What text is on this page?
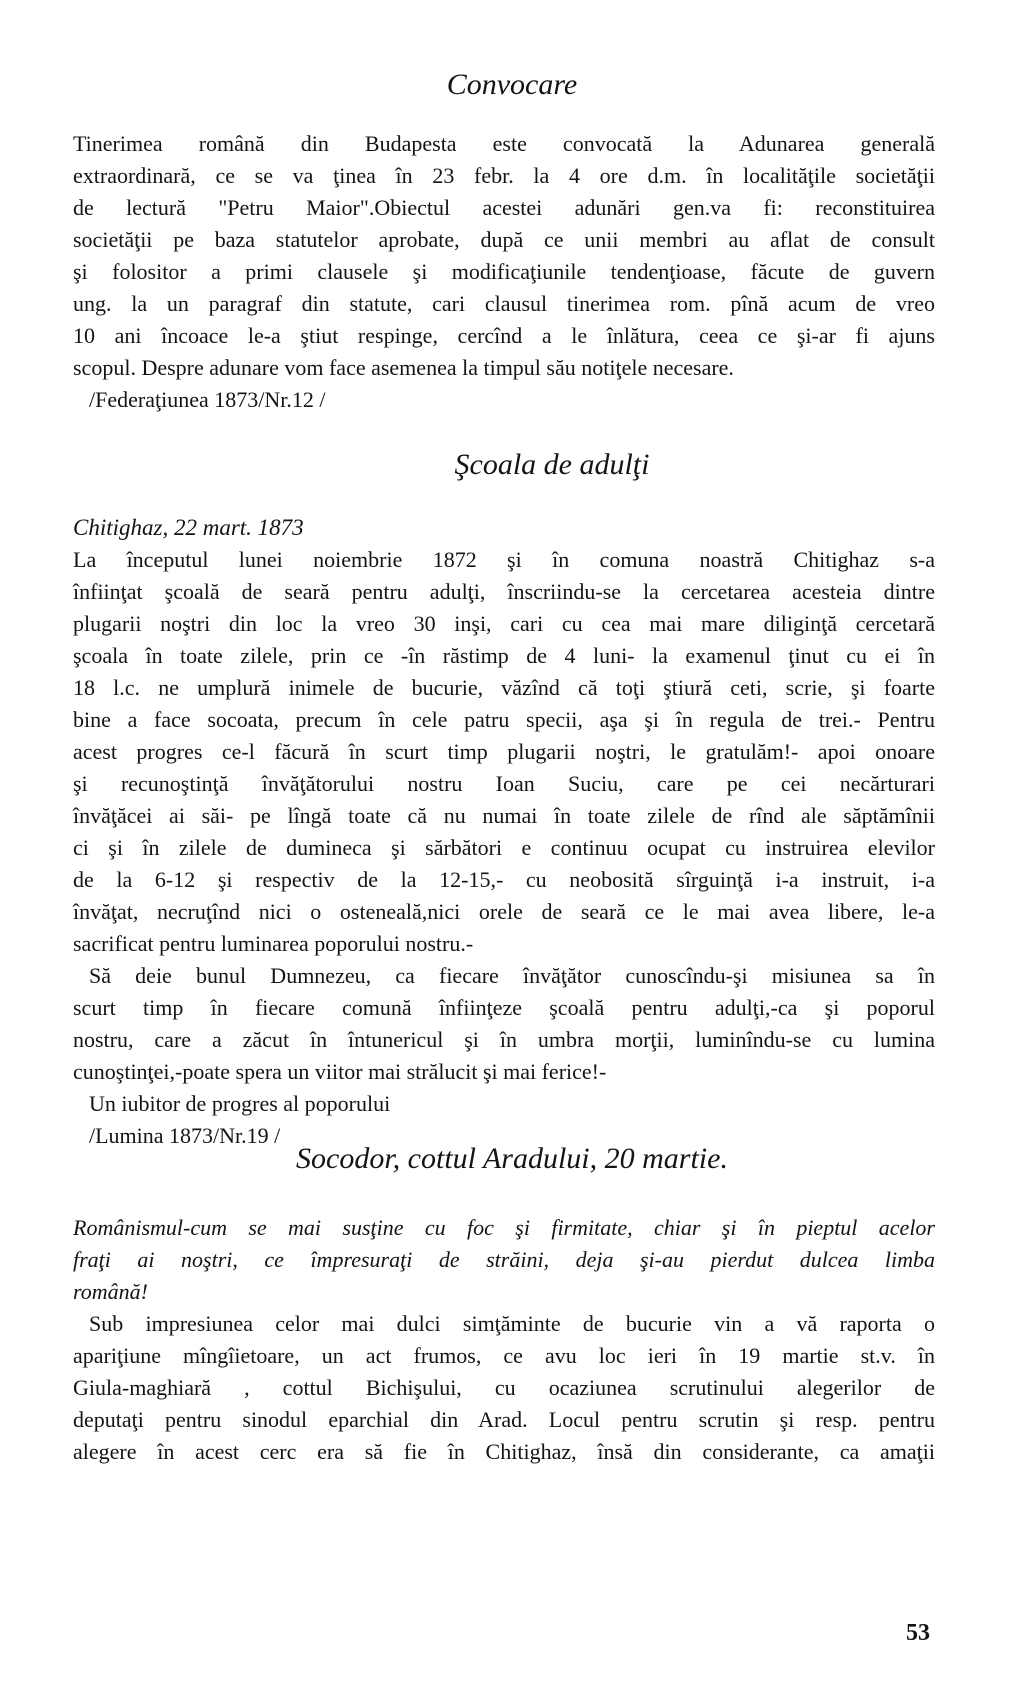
Convocare
Tinerimea română din Budapesta este convocată la Adunarea generală
extraordinară, ce se va ţinea în 23 febr. la 4 ore d.m. în localităţile societăţii
de lectură "Petru Maior".Obiectul acestei adunări gen.va fi: reconstituirea
societăţii pe baza statutelor aprobate, după ce unii membri au aflat de consult
şi folositor a primi clausele şi modificaţiunile tendenţioase, făcute de guvern
ung. la un paragraf din statute, cari clausul tinerimea rom. pînă acum de vreo
10 ani încoace le-a ştiut respinge, cercînd a le înlătura, ceea ce şi-ar fi ajuns
scopul. Despre adunare vom face asemenea la timpul său notiţele necesare.
/Federaţiunea 1873/Nr.12 /
Şcoala de adulţi
Chitighaz, 22 mart. 1873
La începutul lunei noiembrie 1872 şi în comuna noastră Chitighaz s-a
înfiinţat şcoală de seară pentru adulţi, înscriindu-se la cercetarea acesteia dintre
plugarii noştri din loc la vreo 30 inşi, cari cu cea mai mare diliginţă cercetară
şcoala în toate zilele, prin ce -în răstimp de 4 luni- la examenul ţinut cu ei în
18 l.c. ne umplură inimele de bucurie, văzînd că toţi ştiură ceti, scrie, şi foarte
bine a face socoata, precum în cele patru specii, aşa şi în regula de trei.- Pentru
acest progres ce-l făcură în scurt timp plugarii noştri, le gratulăm!- apoi onoare
şi recunoştinţă învăţătorului nostru Ioan Suciu, care pe cei necărturari
învăţăcei ai săi- pe lîngă toate că nu numai în toate zilele de rînd ale săptămînii
ci şi în zilele de dumineca şi sărbători e continuu ocupat cu instruirea elevilor
de la 6-12 şi respectiv de la 12-15,- cu neobosită sîrguinţă i-a instruit, i-a
învăţat, necruţînd nici o osteneală,nici orele de seară ce le mai avea libere, le-a
sacrificat pentru luminarea poporului nostru.-
Să deie bunul Dumnezeu, ca fiecare învăţător cunoscîndu-şi misiunea sa în
scurt timp în fiecare comună înfiinţeze şcoală pentru adulţi,-ca şi poporul
nostru, care a zăcut în întunericul şi în umbra morţii, luminîndu-se cu lumina
cunoştinţei,-poate spera un viitor mai strălucit şi mai ferice!-
Un iubitor de progres al poporului
/Lumina 1873/Nr.19 /
Socodor, cottul Aradului, 20 martie.
Românismul-cum se mai susţine cu foc şi firmitate, chiar şi în pieptul acelor
fraţi ai noştri, ce împresuraţi de străini, deja şi-au pierdut dulcea limba
română!
Sub impresiunea celor mai dulci simţăminte de bucurie vin a vă raporta o
apariţiune mîngîietoare, un act frumos, ce avu loc ieri în 19 martie st.v. în
Giula-maghiară , cottul Bichişului, cu ocaziunea scrutinului alegerilor de
deputaţi pentru sinodul eparchial din Arad. Locul pentru scrutin şi resp. pentru
alegere în acest cerc era să fie în Chitighaz, însă din considerante, ca amaţii

53
